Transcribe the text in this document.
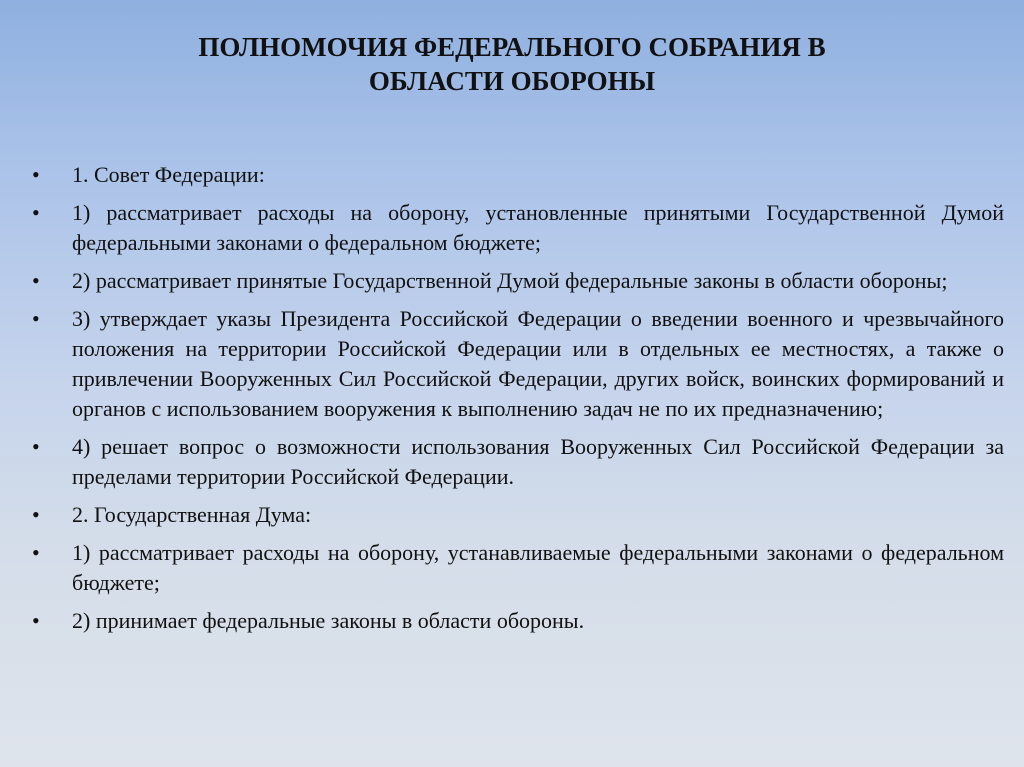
ПОЛНОМОЧИЯ ФЕДЕРАЛЬНОГО СОБРАНИЯ В
ОБЛАСТИ ОБОРОНЫ
• 1. Совет Федерации:
• 1) рассматривает расходы на оборону, установленные принятыми Государственной Думой федеральными законами о федеральном бюджете;
• 2) рассматривает принятые Государственной Думой федеральные законы в области обороны;
• 3) утверждает указы Президента Российской Федерации о введении военного и чрезвычайного положения на территории Российской Федерации или в отдельных ее местностях, а также о привлечении Вооруженных Сил Российской Федерации, других войск, воинских формирований и органов с использованием вооружения к выполнению задач не по их предназначению;
• 4) решает вопрос о возможности использования Вооруженных Сил Российской Федерации за пределами территории Российской Федерации.
• 2. Государственная Дума:
• 1) рассматривает расходы на оборону, устанавливаемые федеральными законами о федеральном бюджете;
• 2) принимает федеральные законы в области обороны.
